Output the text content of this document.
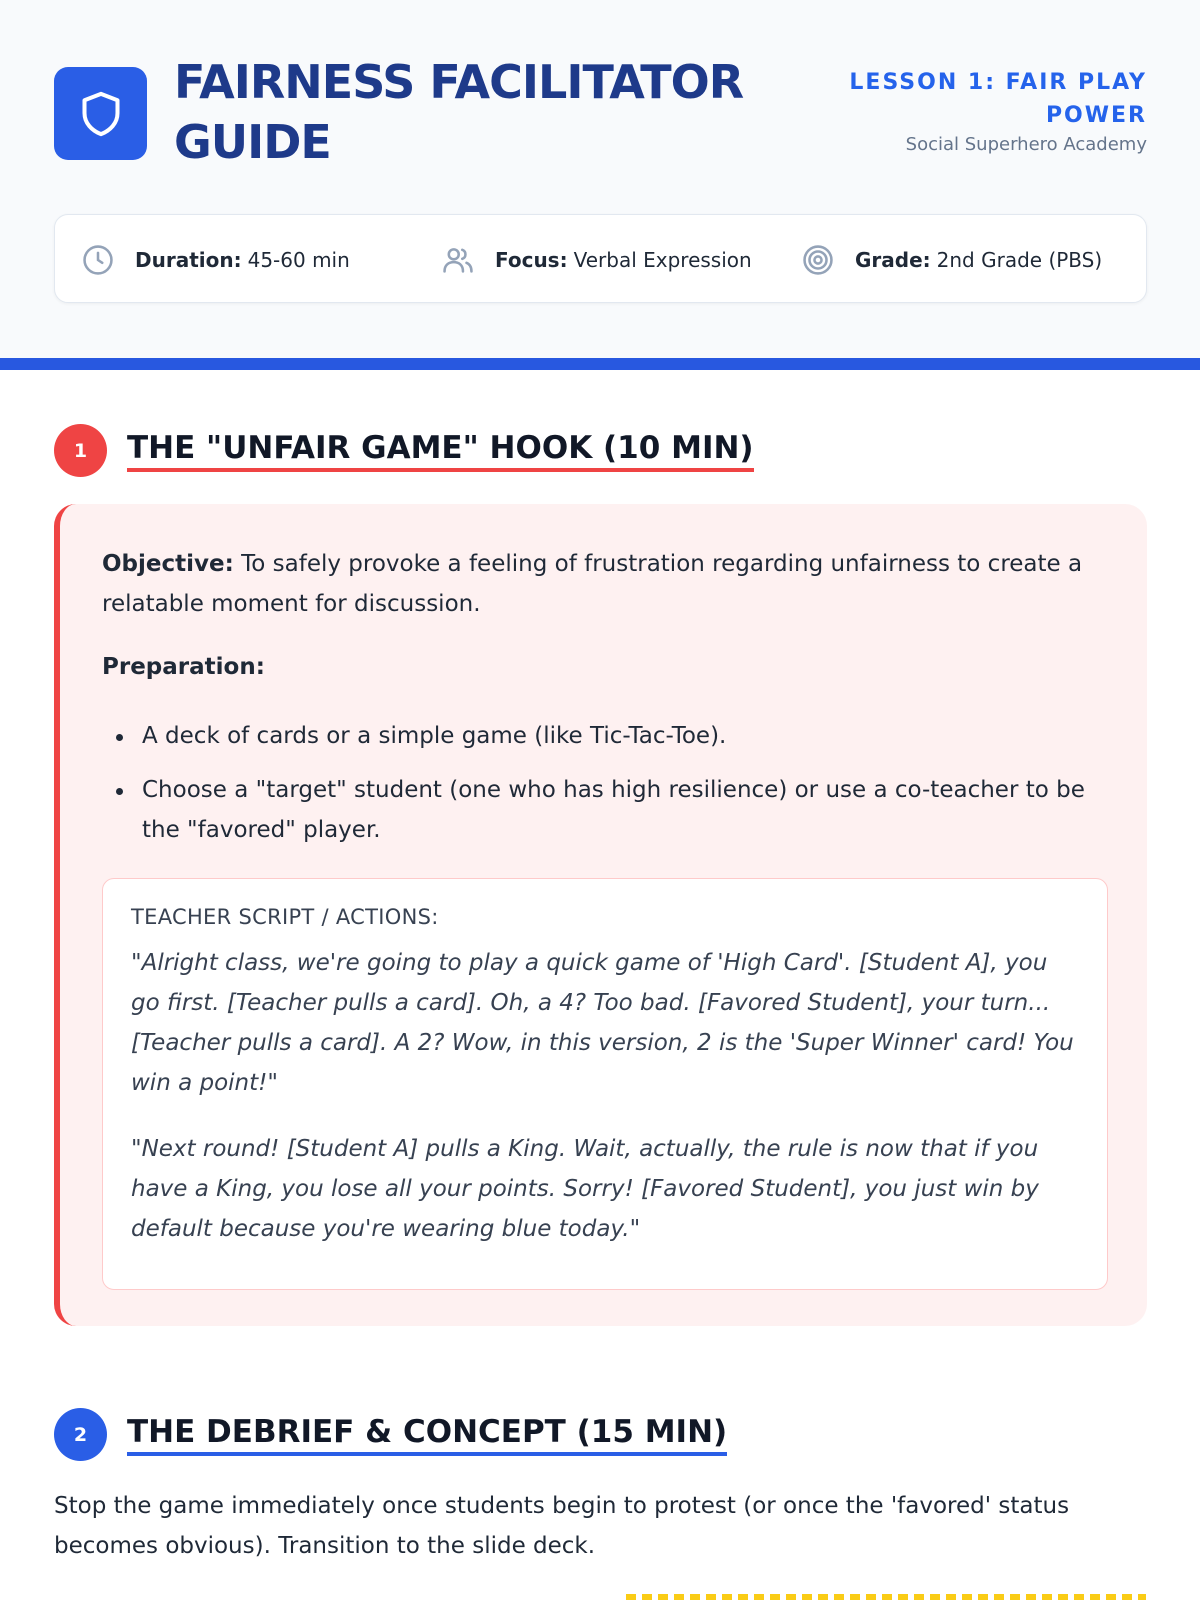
FAIRNESS FACILITATOR GUIDE
LESSON 1: FAIR PLAY POWER
Social Superhero Academy
Duration: 45-60 min	Focus: Verbal Expression	Grade: 2nd Grade (PBS)
1	THE "UNFAIR GAME" HOOK (10 MIN)

Objective: To safely provoke a feeling of frustration regarding unfairness to create a relatable moment for discussion.

Preparation:
A deck of cards or a simple game (like Tic-Tac-Toe).
Choose a "target" student (one who has high resilience) or use a co-teacher to be the "favored" player.
TEACHER SCRIPT / ACTIONS:

"Alright class, we're going to play a quick game of 'High Card'. [Student A], you go first. [Teacher pulls a card]. Oh, a 4? Too bad. [Favored Student], your turn... [Teacher pulls a card]. A 2? Wow, in this version, 2 is the 'Super Winner' card! You win a point!"

"Next round! [Student A] pulls a King. Wait, actually, the rule is now that if you have a King, you lose all your points. Sorry! [Favored Student], you just win by default because you're wearing blue today."

2	THE DEBRIEF & CONCEPT (15 MIN)

Stop the game immediately once students begin to protest (or once the 'favored' status becomes obvious). Transition to the slide deck.
